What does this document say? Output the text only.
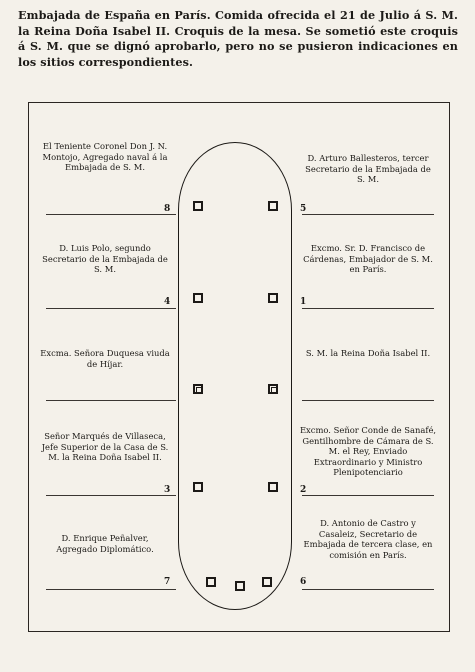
Embajada de España en París. Comida ofrecida el 21 de Julio á S. M. la Reina Doña Isabel II. Croquis de la mesa. Se sometió este croquis á S. M. que se dignó aprobarlo, pero no se pusieron indicaciones en los sitios correspondientes.
El Teniente Coronel Don J. N. Montojo, Agregado naval á la Embajada de S. M.
8
D. Arturo Ballesteros, tercer Secretario de la Embajada de S. M.
5
D. Luis Polo, segundo Secretario de la Embajada de S. M.
4
Excmo. Sr. D. Francisco de Cárdenas, Embajador de S. M. en París.
1
Excma. Señora Duquesa viuda de Híjar.
S. M. la Reina Doña Isabel II.
Señor Marqués de Villaseca, Jefe Superior de la Casa de S. M. la Reina Doña Isabel II.
3
Excmo. Señor Conde de Sanafé, Gentilhombre de Cámara de S. M. el Rey, Enviado Extraordinario y Ministro Plenipotenciario
2
D. Enrique Peñalver, Agregado Diplomático.
7
D. Antonio de Castro y Casaleiz, Secretario de Embajada de tercera clase, en comisión en París.
6
